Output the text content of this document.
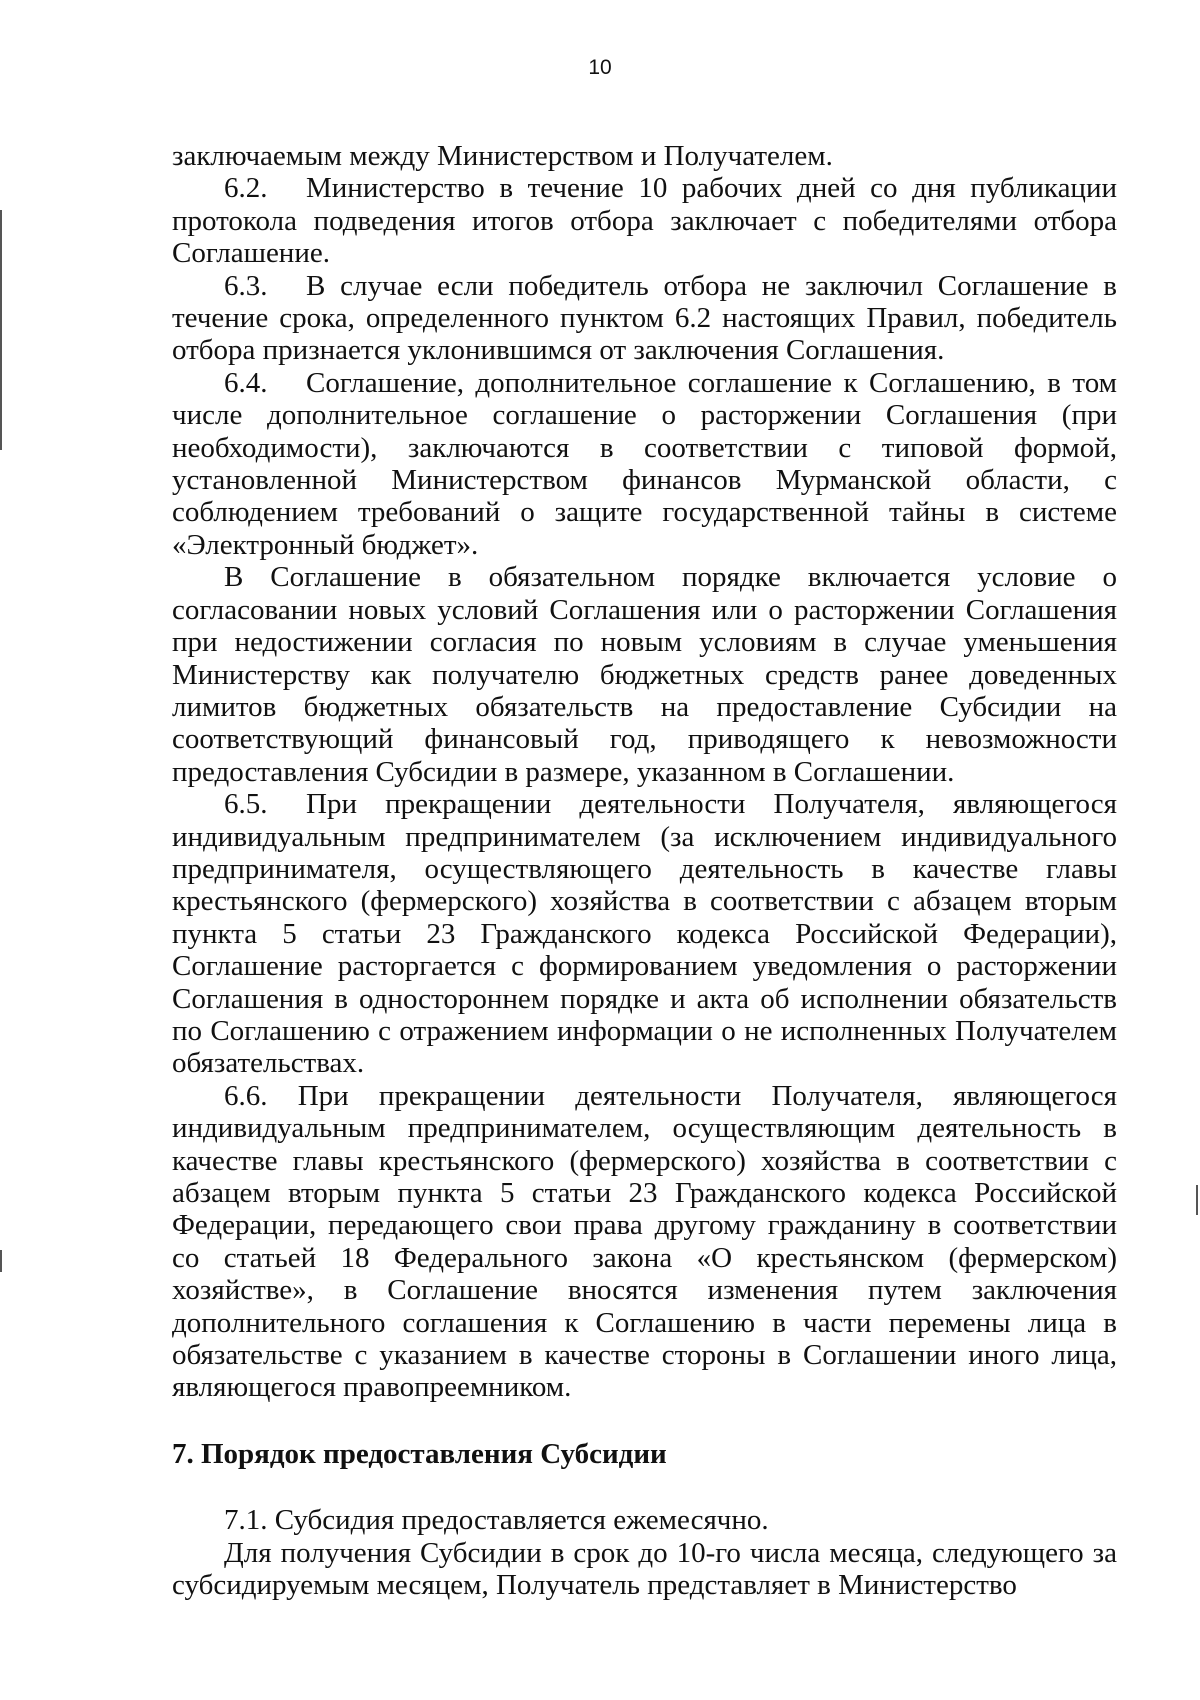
10

заключаемым между Министерством и Получателем.

6.2. Министерство в течение 10 рабочих дней со дня публикации протокола подведения итогов отбора заключает с победителями отбора Соглашение.

6.3. В случае если победитель отбора не заключил Соглашение в течение срока, определенного пунктом 6.2 настоящих Правил, победитель отбора признается уклонившимся от заключения Соглашения.

6.4. Соглашение, дополнительное соглашение к Соглашению, в том числе дополнительное соглашение о расторжении Соглашения (при необходимости), заключаются в соответствии с типовой формой, установленной Министерством финансов Мурманской области, с соблюдением требований о защите государственной тайны в системе «Электронный бюджет».

В Соглашение в обязательном порядке включается условие о согласовании новых условий Соглашения или о расторжении Соглашения при недостижении согласия по новым условиям в случае уменьшения Министерству как получателю бюджетных средств ранее доведенных лимитов бюджетных обязательств на предоставление Субсидии на соответствующий финансовый год, приводящего к невозможности предоставления Субсидии в размере, указанном в Соглашении.

6.5. При прекращении деятельности Получателя, являющегося индивидуальным предпринимателем (за исключением индивидуального предпринимателя, осуществляющего деятельность в качестве главы крестьянского (фермерского) хозяйства в соответствии с абзацем вторым пункта 5 статьи 23 Гражданского кодекса Российской Федерации), Соглашение расторгается с формированием уведомления о расторжении Соглашения в одностороннем порядке и акта об исполнении обязательств по Соглашению с отражением информации о не исполненных Получателем обязательствах.

6.6. При прекращении деятельности Получателя, являющегося индивидуальным предпринимателем, осуществляющим деятельность в качестве главы крестьянского (фермерского) хозяйства в соответствии с абзацем вторым пункта 5 статьи 23 Гражданского кодекса Российской Федерации, передающего свои права другому гражданину в соответствии со статьей 18 Федерального закона «О крестьянском (фермерском) хозяйстве», в Соглашение вносятся изменения путем заключения дополнительного соглашения к Соглашению в части перемены лица в обязательстве с указанием в качестве стороны в Соглашении иного лица, являющегося правопреемником.

7. Порядок предоставления Субсидии

7.1. Субсидия предоставляется ежемесячно.

Для получения Субсидии в срок до 10-го числа месяца, следующего за субсидируемым месяцем, Получатель представляет в Министерство
